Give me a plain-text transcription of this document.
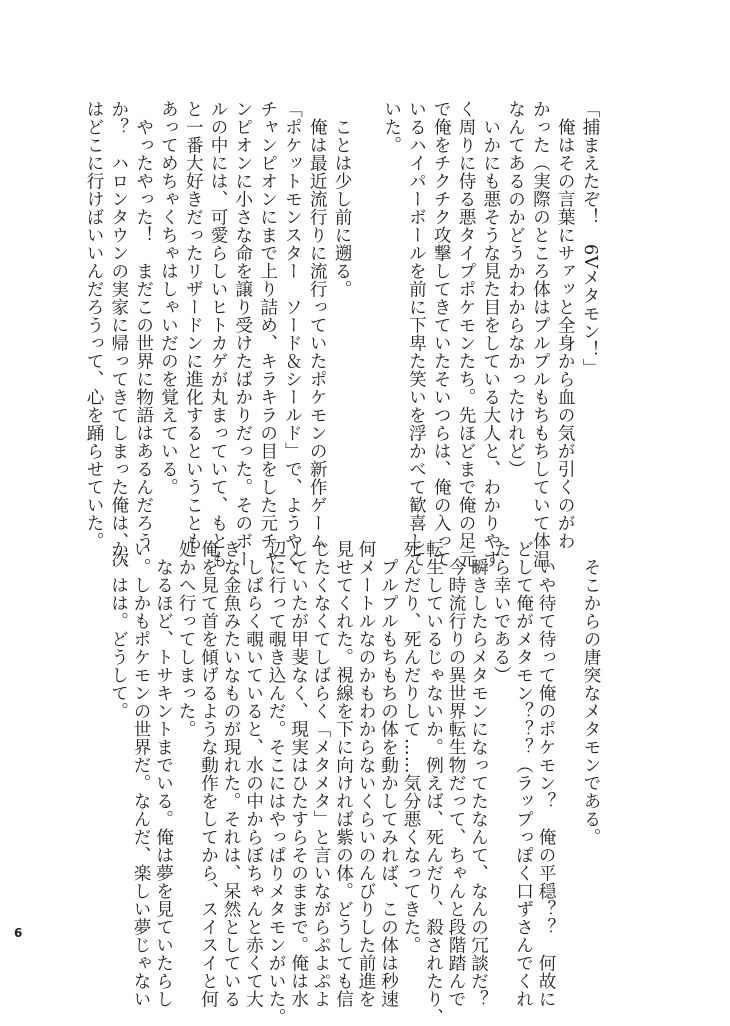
「捕まえたぞ！　6Vメタモン！」
　俺はその言葉にサァッと全身から血の気が引くのがわ
かった（実際のところ体はプルプルもちもちしていて体温
なんてあるのかどうかわからなかったけれど）
　いかにも悪そうな見た目をしている大人と、わかりやす
く周りに侍る悪タイプポケモンたち。先ほどまで俺の足元
で俺をチクチク攻撃してきていたそいつらは、俺の入って
いるハイパーボールを前に下卑た笑いを浮かべて歓喜して
いた。

　ことは少し前に遡る。
　俺は最近流行りに流行っていたポケモンの新作ゲーム
「ポケットモンスター　ソード＆シールド」で、ようやく
チャンピオンにまで上り詰め、キラキラの目をした元チャ
ンピオンに小さな命を譲り受けたばかりだった。そのボー
ルの中には、可愛らしいヒトカゲが丸まっていて、もとも
と一番大好きだったリザードンに進化するということも
あってめちゃくちゃはしゃいだのを覚えている。
　やったやった！　まだこの世界に物語はあるんだろう
か？　ハロンタウンの実家に帰ってきてしまった俺は、次
はどこに行けばいいんだろうって、心を踊らせていた。
　そこからの唐突なメタモンである。

　いや待て待って俺のポケモン？　俺の平穏？？　何故に
どして俺がメタモン？？？（ラップっぽく口ずさんでくれ
たら幸いである）
　瞬きしたらメタモンになってたなんて、なんの冗談だ？
　今時流行りの異世界転生物だって、ちゃんと段階踏んで
転生しているじゃないか。例えば、死んだり、殺されたり、
死んだり、死んだりして……気分悪くなってきた。
　プルプルもちもちの体を動かしてみれば、この体は秒速
何メートルなのかもわからないくらいのんびりした前進を
見せてくれた。視線を下に向ければ紫の体。どうしても信
じたくなくてしばらく「メタメタ」と言いながらぷよぷよ
していたが甲斐なく、現実はひたすらそのままで。俺は水
辺に行って覗き込んだ。そこにはやっぱりメタモンがいた。
　しばらく覗いていると、水の中からぼちゃんと赤くて大
きな金魚みたいなものが現れた。それは、呆然としている
俺を見て首を傾げるような動作をしてから、スイスイと何
処かへ行ってしまった。
　なるほど、トサキントまでいる。俺は夢を見ていたらし
い。しかもポケモンの世界だ。なんだ、楽しい夢じゃない
か、はは。どうして。
6
